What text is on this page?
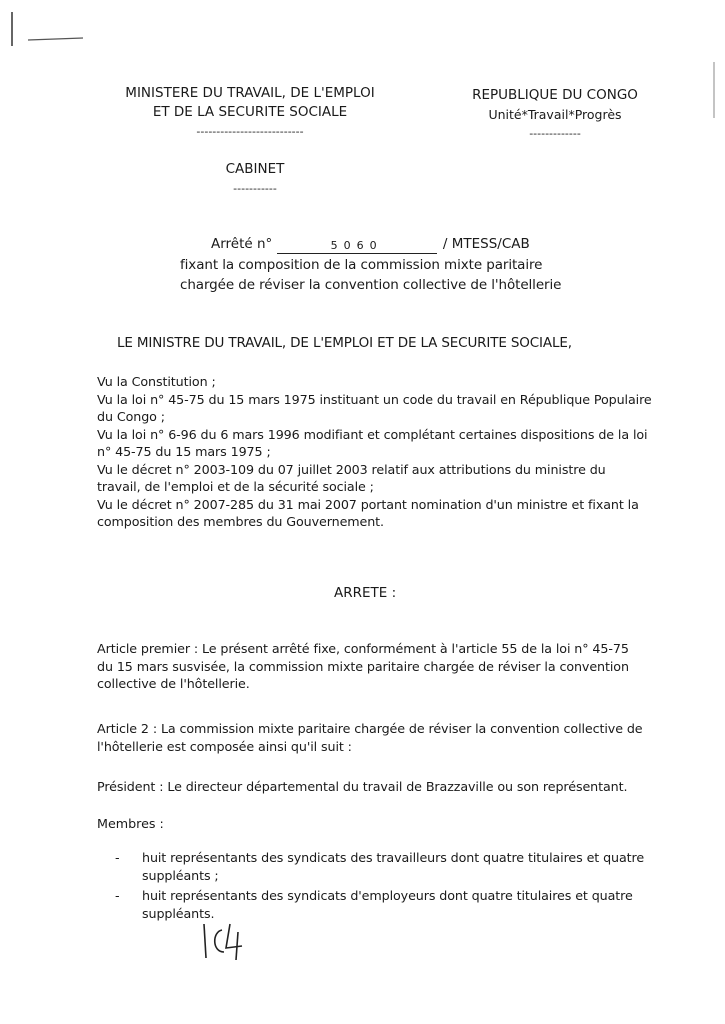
MINISTERE DU TRAVAIL, DE L'EMPLOI
ET DE LA SECURITE SOCIALE
---------------------------
REPUBLIQUE DU CONGO
Unité*Travail*Progrès
-------------
CABINET
-----------
Arrêté n°	5060	/ MTESS/CAB
fixant la composition de la commission mixte paritaire
chargée de réviser la convention collective de l'hôtellerie
LE MINISTRE DU TRAVAIL, DE L'EMPLOI ET DE LA SECURITE SOCIALE,
Vu la Constitution ;
Vu la loi n° 45-75 du 15 mars 1975 instituant un code du travail en République Populaire
du Congo ;
Vu la loi n° 6-96 du 6 mars 1996 modifiant et complétant certaines dispositions de la loi
n° 45-75 du 15 mars 1975 ;
Vu le décret n° 2003-109 du 07 juillet 2003 relatif aux attributions du ministre du
travail, de l'emploi et de la sécurité sociale ;
Vu le décret n° 2007-285 du 31 mai 2007 portant nomination d'un ministre et fixant la
composition des membres du Gouvernement.
ARRETE :
Article premier : Le présent arrêté fixe, conformément à l'article 55 de la loi n° 45-75
du 15 mars susvisée, la commission mixte paritaire chargée de réviser la convention
collective de l'hôtellerie.
Article 2 : La commission mixte paritaire chargée de réviser la convention collective de
l'hôtellerie est composée ainsi qu'il suit :
Président : Le directeur départemental du travail de Brazzaville ou son représentant.
Membres :
- huit représentants des syndicats des travailleurs dont quatre titulaires et quatre
suppléants ;
- huit représentants des syndicats d'employeurs dont quatre titulaires et quatre
suppléants.
